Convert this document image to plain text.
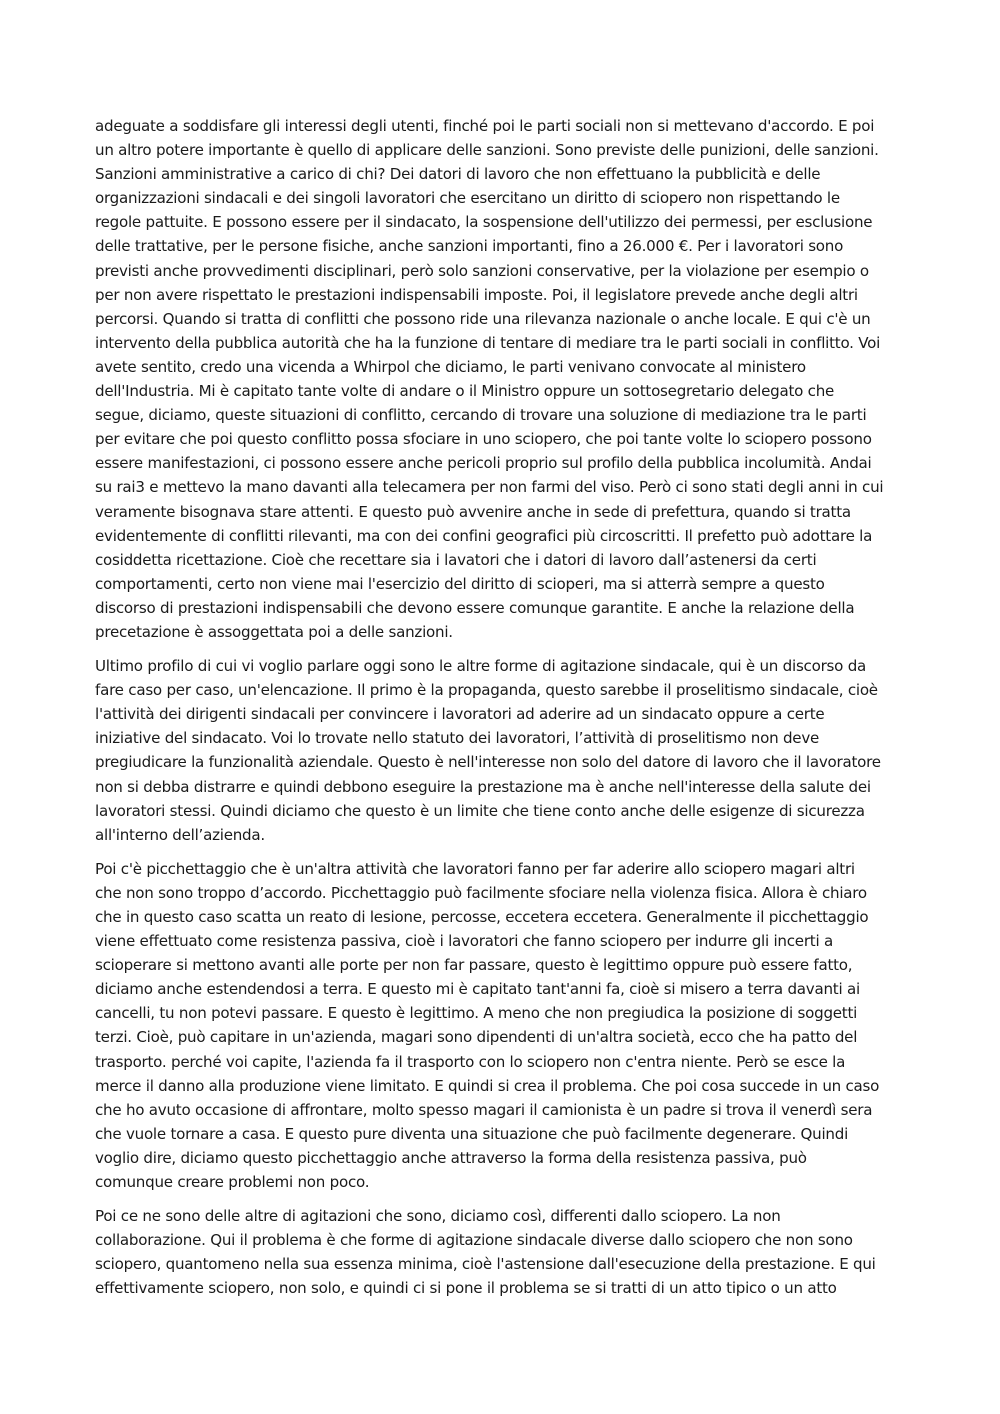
adeguate a soddisfare gli interessi degli utenti, finché poi le parti sociali non si mettevano d'accordo. E poi
un altro potere importante è quello di applicare delle sanzioni. Sono previste delle punizioni, delle sanzioni.
Sanzioni amministrative a carico di chi? Dei datori di lavoro che non effettuano la pubblicità e delle
organizzazioni sindacali e dei singoli lavoratori che esercitano un diritto di sciopero non rispettando le
regole pattuite. E possono essere per il sindacato, la sospensione dell'utilizzo dei permessi, per esclusione
delle trattative, per le persone fisiche, anche sanzioni importanti, fino a 26.000 €. Per i lavoratori sono
previsti anche provvedimenti disciplinari, però solo sanzioni conservative, per la violazione per esempio o
per non avere rispettato le prestazioni indispensabili imposte. Poi, il legislatore prevede anche degli altri
percorsi. Quando si tratta di conflitti che possono ride una rilevanza nazionale o anche locale. E qui c'è un
intervento della pubblica autorità che ha la funzione di tentare di mediare tra le parti sociali in conflitto. Voi
avete sentito, credo una vicenda a Whirpol che diciamo, le parti venivano convocate al ministero
dell'Industria. Mi è capitato tante volte di andare o il Ministro oppure un sottosegretario delegato che
segue, diciamo, queste situazioni di conflitto, cercando di trovare una soluzione di mediazione tra le parti
per evitare che poi questo conflitto possa sfociare in uno sciopero, che poi tante volte lo sciopero possono
essere manifestazioni, ci possono essere anche pericoli proprio sul profilo della pubblica incolumità. Andai
su rai3 e mettevo la mano davanti alla telecamera per non farmi del viso. Però ci sono stati degli anni in cui
veramente bisognava stare attenti. E questo può avvenire anche in sede di prefettura, quando si tratta
evidentemente di conflitti rilevanti, ma con dei confini geografici più circoscritti. Il prefetto può adottare la
cosiddetta ricettazione. Cioè che recettare sia i lavatori che i datori di lavoro dall’astenersi da certi
comportamenti, certo non viene mai l'esercizio del diritto di scioperi, ma si atterrà sempre a questo
discorso di prestazioni indispensabili che devono essere comunque garantite. E anche la relazione della
precetazione è assoggettata poi a delle sanzioni.

Ultimo profilo di cui vi voglio parlare oggi sono le altre forme di agitazione sindacale, qui è un discorso da
fare caso per caso, un'elencazione. Il primo è la propaganda, questo sarebbe il proselitismo sindacale, cioè
l'attività dei dirigenti sindacali per convincere i lavoratori ad aderire ad un sindacato oppure a certe
iniziative del sindacato. Voi lo trovate nello statuto dei lavoratori, l’attività di proselitismo non deve
pregiudicare la funzionalità aziendale. Questo è nell'interesse non solo del datore di lavoro che il lavoratore
non si debba distrarre e quindi debbono eseguire la prestazione ma è anche nell'interesse della salute dei
lavoratori stessi. Quindi diciamo che questo è un limite che tiene conto anche delle esigenze di sicurezza
all'interno dell’azienda.

Poi c'è picchettaggio che è un'altra attività che lavoratori fanno per far aderire allo sciopero magari altri
che non sono troppo d’accordo. Picchettaggio può facilmente sfociare nella violenza fisica. Allora è chiaro
che in questo caso scatta un reato di lesione, percosse, eccetera eccetera. Generalmente il picchettaggio
viene effettuato come resistenza passiva, cioè i lavoratori che fanno sciopero per indurre gli incerti a
scioperare si mettono avanti alle porte per non far passare, questo è legittimo oppure può essere fatto,
diciamo anche estendendosi a terra. E questo mi è capitato tant'anni fa, cioè si misero a terra davanti ai
cancelli, tu non potevi passare. E questo è legittimo. A meno che non pregiudica la posizione di soggetti
terzi. Cioè, può capitare in un'azienda, magari sono dipendenti di un'altra società, ecco che ha patto del
trasporto. perché voi capite, l'azienda fa il trasporto con lo sciopero non c'entra niente. Però se esce la
merce il danno alla produzione viene limitato. E quindi si crea il problema. Che poi cosa succede in un caso
che ho avuto occasione di affrontare, molto spesso magari il camionista è un padre si trova il venerdì sera
che vuole tornare a casa. E questo pure diventa una situazione che può facilmente degenerare. Quindi
voglio dire, diciamo questo picchettaggio anche attraverso la forma della resistenza passiva, può
comunque creare problemi non poco.

Poi ce ne sono delle altre di agitazioni che sono, diciamo così, differenti dallo sciopero. La non
collaborazione. Qui il problema è che forme di agitazione sindacale diverse dallo sciopero che non sono
sciopero, quantomeno nella sua essenza minima, cioè l'astensione dall'esecuzione della prestazione. E qui
effettivamente sciopero, non solo, e quindi ci si pone il problema se si tratti di un atto tipico o un atto
